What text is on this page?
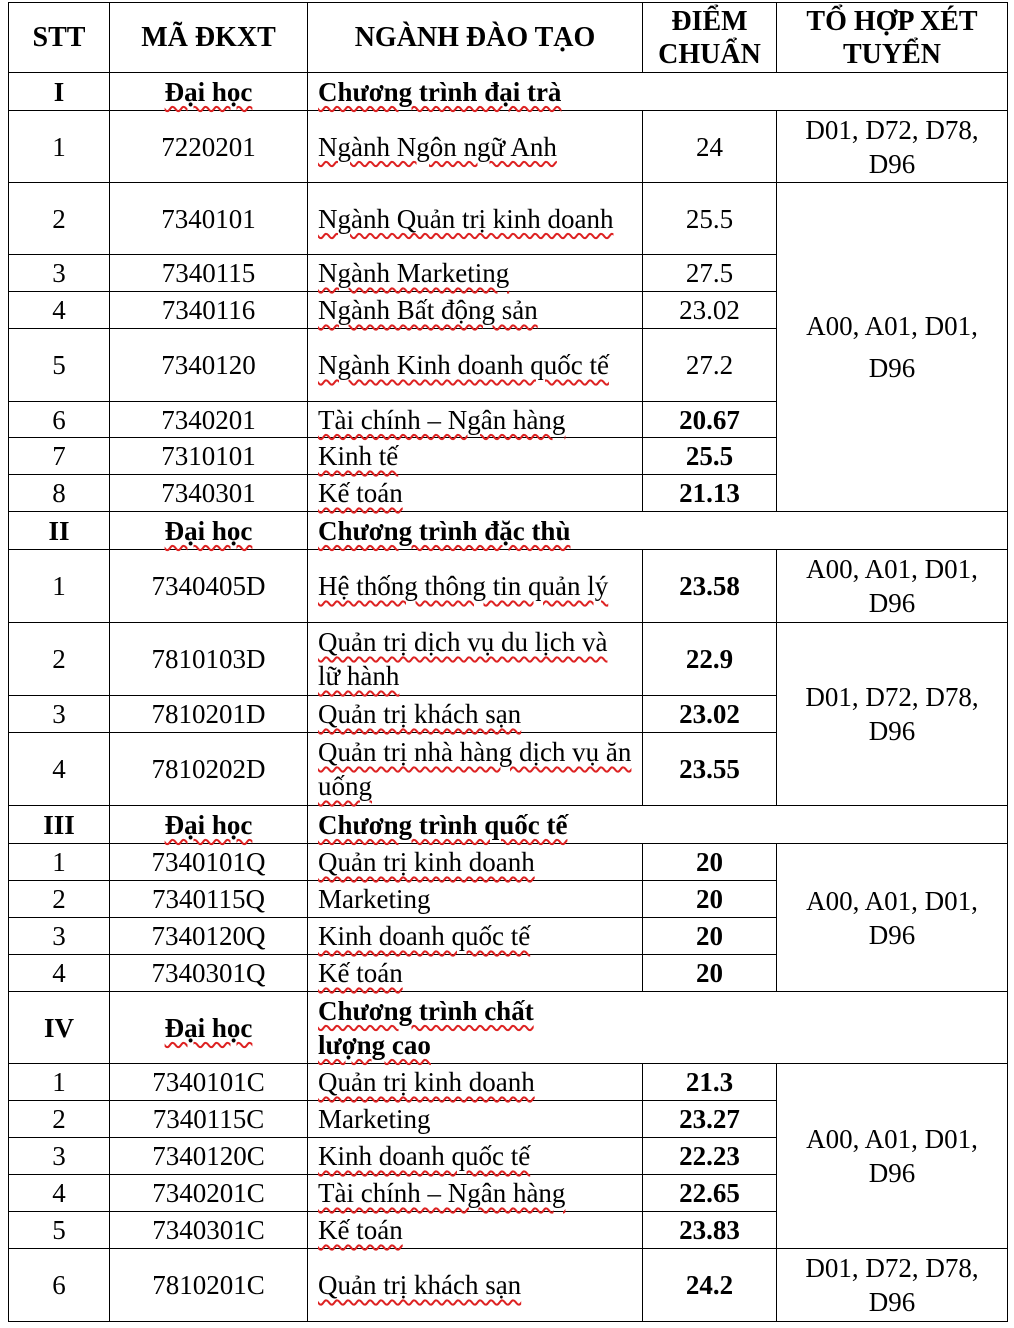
STT	MÃ ĐKXT	NGÀNH ĐÀO TẠO	ĐIỂM CHUẨN	TỔ HỢP XÉT TUYỂN
I	Đại học	Chương trình đại trà		
1	7220201	Ngành Ngôn ngữ Anh	24	D01, D72, D78, D96
2	7340101	Ngành Quản trị kinh doanh	25.5	A00, A01, D01, D96
3	7340115	Ngành Marketing	27.5	
4	7340116	Ngành Bất động sản	23.02	
5	7340120	Ngành Kinh doanh quốc tế	27.2	
6	7340201	Tài chính – Ngân hàng	20.67	
7	7310101	Kinh tế	25.5	
8	7340301	Kế toán	21.13	
II	Đại học	Chương trình đặc thù		
1	7340405D	Hệ thống thông tin quản lý	23.58	A00, A01, D01, D96
2	7810103D	Quản trị dịch vụ du lịch và lữ hành	22.9	D01, D72, D78, D96
3	7810201D	Quản trị khách sạn	23.02	
4	7810202D	Quản trị nhà hàng dịch vụ ăn uống	23.55	
III	Đại học	Chương trình quốc tế		
1	7340101Q	Quản trị kinh doanh	20	A00, A01, D01, D96
2	7340115Q	Marketing	20	
3	7340120Q	Kinh doanh quốc tế	20	
4	7340301Q	Kế toán	20	
IV	Đại học	Chương trình chất lượng cao		
1	7340101C	Quản trị kinh doanh	21.3	A00, A01, D01, D96
2	7340115C	Marketing	23.27	
3	7340120C	Kinh doanh quốc tế	22.23	
4	7340201C	Tài chính – Ngân hàng	22.65	
5	7340301C	Kế toán	23.83	
6	7810201C	Quản trị khách sạn	24.2	D01, D72, D78, D96
